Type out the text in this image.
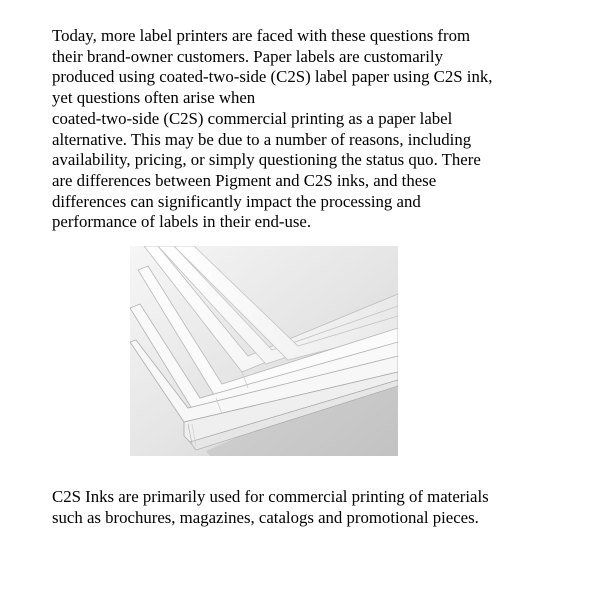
Today, more label printers are faced with these questions from
their brand-owner customers. Paper labels are customarily
produced using coated-two-side (C2S) label paper using C2S ink,
yet questions often arise when
coated-two-side (C2S) commercial printing as a paper label
alternative. This may be due to a number of reasons, including
availability, pricing, or simply questioning the status quo. There
are differences between Pigment and C2S inks, and these
differences can significantly impact the processing and
performance of labels in their end-use.

C2S Inks are primarily used for commercial printing of materials
such as brochures, magazines, catalogs and promotional pieces.
